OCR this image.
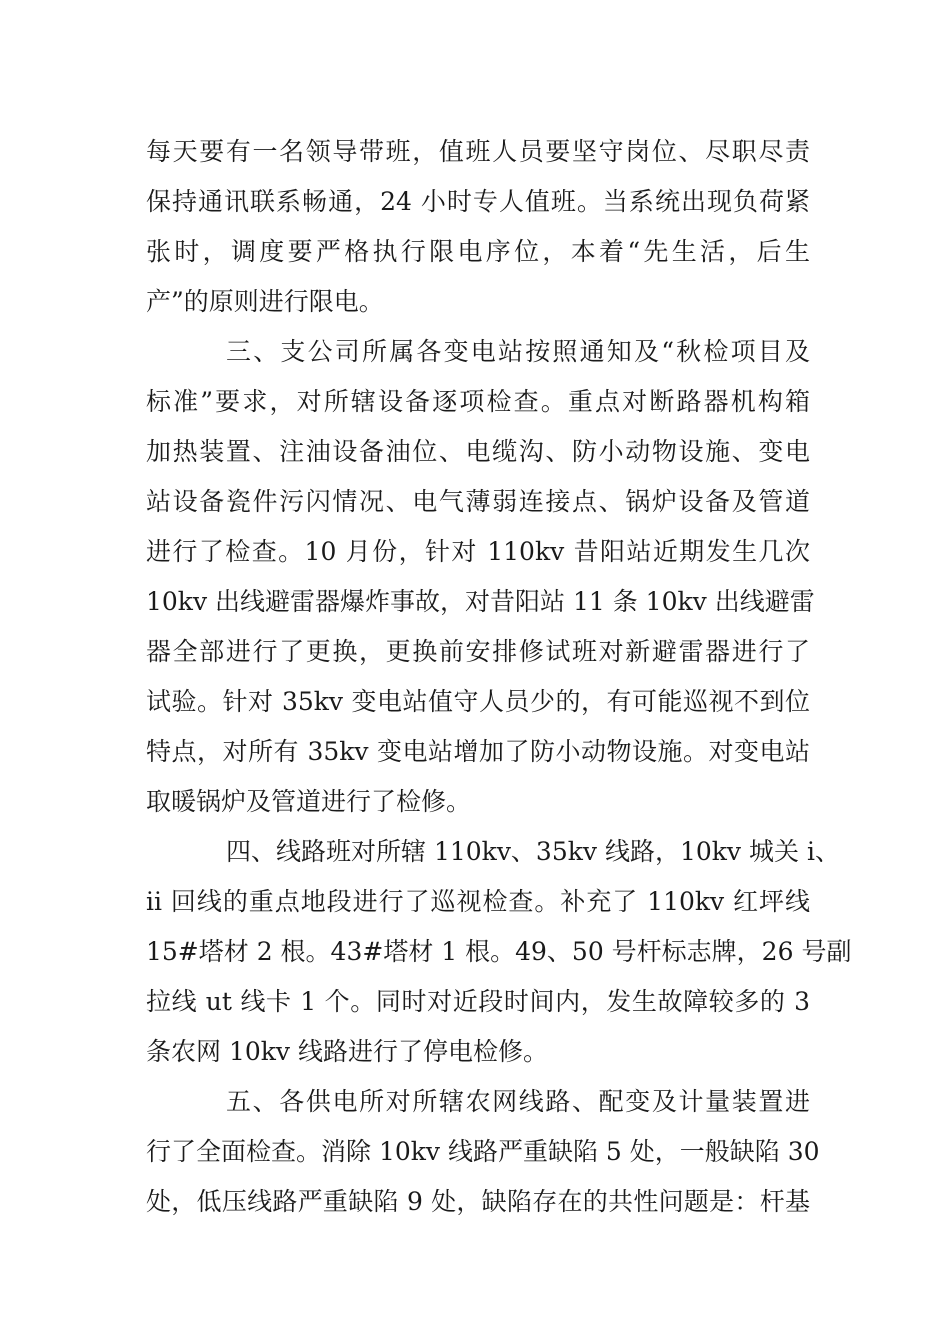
每天要有一名领导带班，值班人员要坚守岗位、尽职尽责
保持通讯联系畅通，24 小时专人值班。当系统出现负荷紧
张时，调度要严格执行限电序位，本着“先生活，后生
产”的原则进行限电。
三、支公司所属各变电站按照通知及“秋检项目及
标准”要求，对所辖设备逐项检查。重点对断路器机构箱
加热装置、注油设备油位、电缆沟、防小动物设施、变电
站设备瓷件污闪情况、电气薄弱连接点、锅炉设备及管道
进行了检查。10 月份，针对 110kv 昔阳站近期发生几次
10kv 出线避雷器爆炸事故，对昔阳站 11 条 10kv 出线避雷
器全部进行了更换，更换前安排修试班对新避雷器进行了
试验。针对 35kv 变电站值守人员少的，有可能巡视不到位
特点，对所有 35kv 变电站增加了防小动物设施。对变电站
取暖锅炉及管道进行了检修。
四、线路班对所辖 110kv、35kv 线路，10kv 城关 i、
ii 回线的重点地段进行了巡视检查。补充了 110kv 红坪线
15#塔材 2 根。43#塔材 1 根。49、50 号杆标志牌，26 号副
拉线 ut 线卡 1 个。同时对近段时间内，发生故障较多的 3
条农网 10kv 线路进行了停电检修。
五、各供电所对所辖农网线路、配变及计量装置进
行了全面检查。消除 10kv 线路严重缺陷 5 处，一般缺陷 30
处，低压线路严重缺陷 9 处，缺陷存在的共性问题是：杆基
